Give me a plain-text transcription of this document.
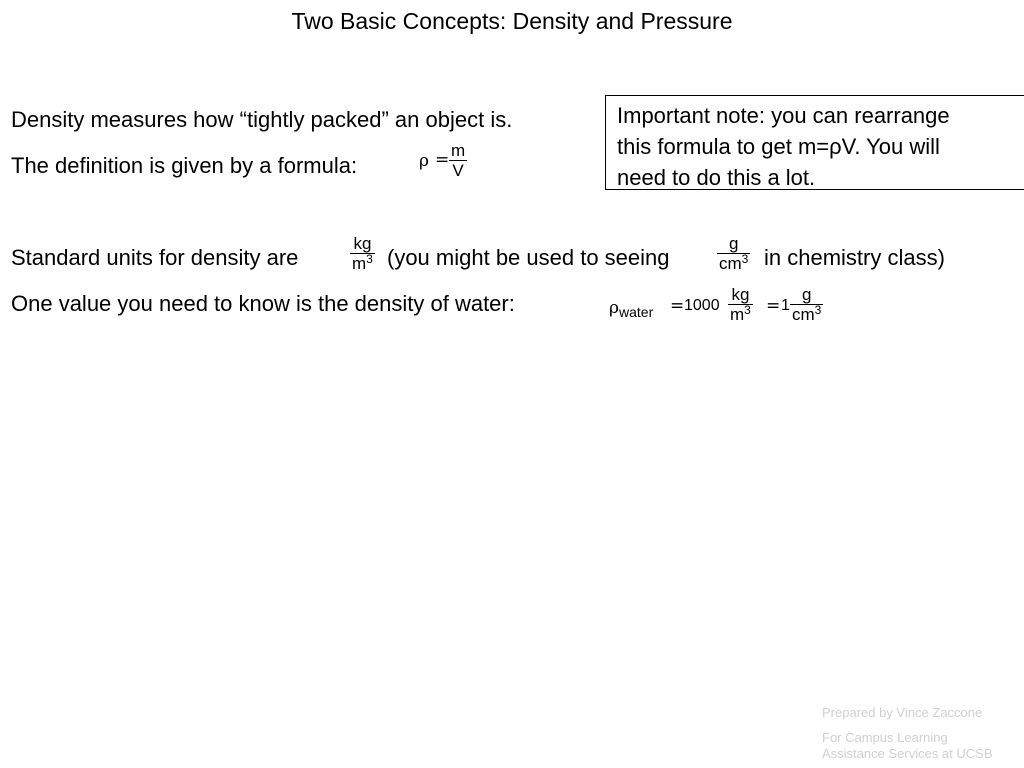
Two Basic Concepts: Density and Pressure
Density measures how “tightly packed” an object is.
The definition is given by a formula:	$\rho = \frac{m}{V}$
Important note: you can rearrange
this formula to get m=ρV. You will
need to do this a lot.
Standard units for density are	$\frac{kg}{m^3} (you$ might be used to seeing	$\frac{g}{cm^3}$ in chemistry class)
One value you need to know is the density of water:	ρ water = $1000 \frac{kg}{m^3} = 1 \frac{g}{cm^3}$
Prepared by Vince Zaccone
For Campus Learning
Assistance Services at UCSB
